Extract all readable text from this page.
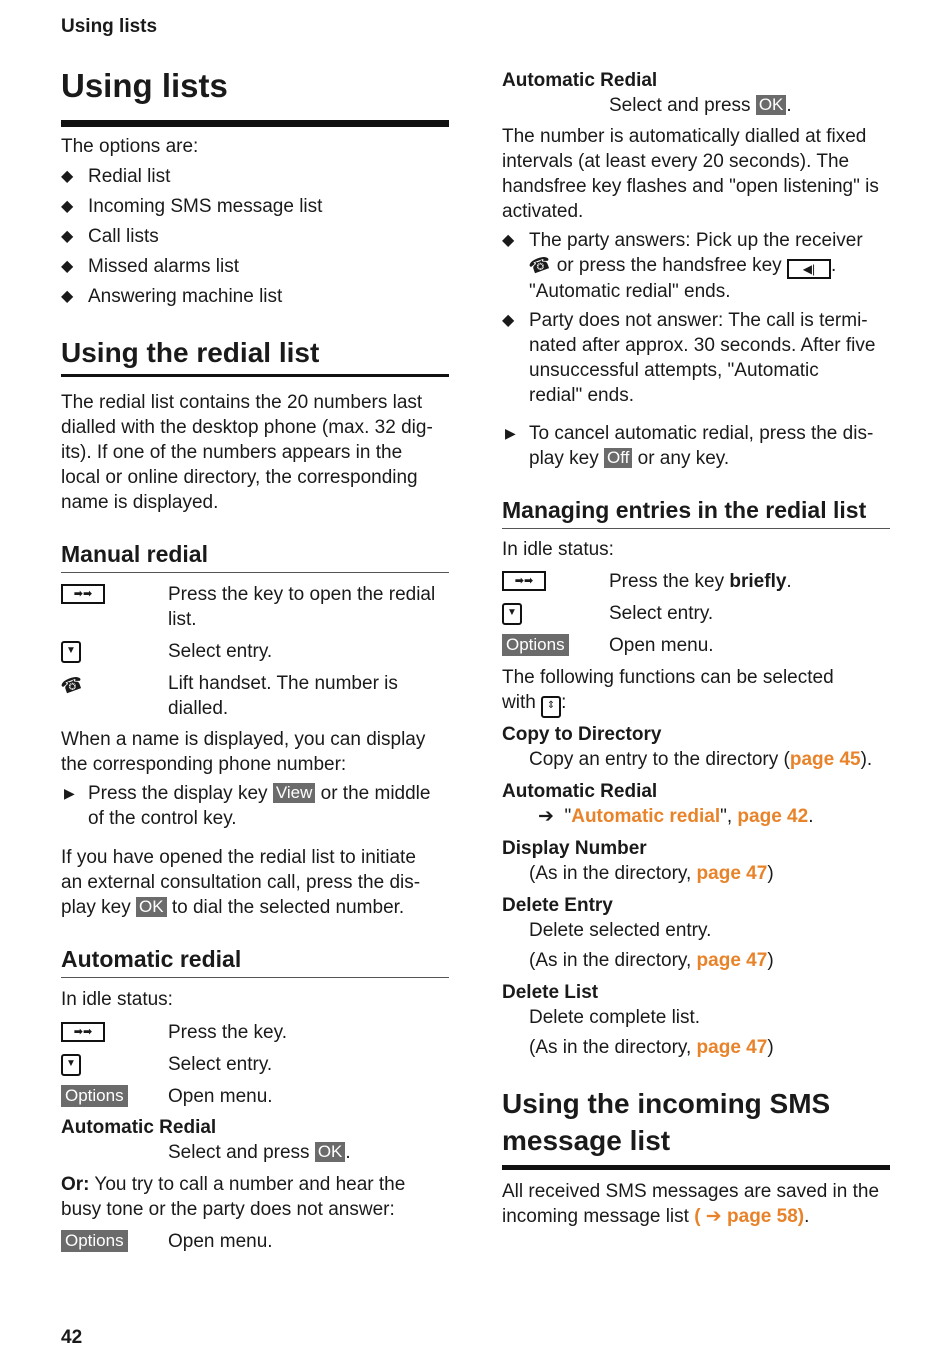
Using lists
Using lists

The options are:

◆ Redial list
◆ Incoming SMS message list
◆ Call lists
◆ Missed alarms list
◆ Answering machine list
Using the redial list
The redial list contains the 20 numbers last
dialled with the desktop phone (max. 32 dig-
its). If one of the numbers appears in the
local or online directory, the corresponding
name is displayed.
Manual redial
➡➡	Press the key to open the redial
list.
▼	Select entry.
☎	Lift handset. The number is
dialled.
When a name is displayed, you can display
the corresponding phone number:
▶ Press the display key View or the middle
of the control key.
If you have opened the redial list to initiate
an external consultation call, press the dis-
play key OK to dial the selected number.
Automatic redial
In idle status:
➡➡	Press the key.
▼	Select entry.
Options Open menu.
Automatic Redial
Select and press OK .
Or: You try to call a number and hear the
busy tone or the party does not answer:
Options Open menu.
Automatic Redial
Select and press OK .
The number is automatically dialled at fixed
intervals (at least every 20 seconds). The
handsfree key flashes and "open listening" is
activated.
◆ The party answers: Pick up the receiver
☎ or press the handsfree key ◀| .
"Automatic redial" ends.
◆ Party does not answer: The call is termi-
nated after approx. 30 seconds. After five
unsuccessful attempts, "Automatic
redial" ends.
▶ To cancel automatic redial, press the dis-
play key Off or any key.
Managing entries in the redial list
In idle status:
➡➡	Press the key briefly.
▼	Select entry.
Options Open menu.
The following functions can be selected
with ⇕ :
Copy to Directory
Copy an entry to the directory (page 45).
Automatic Redial
➔ "Automatic redial", page 42.
Display Number
(As in the directory, page 47)
Delete Entry
Delete selected entry.
(As in the directory, page 47)
Delete List
Delete complete list.
(As in the directory, page 47)
Using the incoming SMS
message list
All received SMS messages are saved in the
incoming message list ( ➔ page 58).
42
